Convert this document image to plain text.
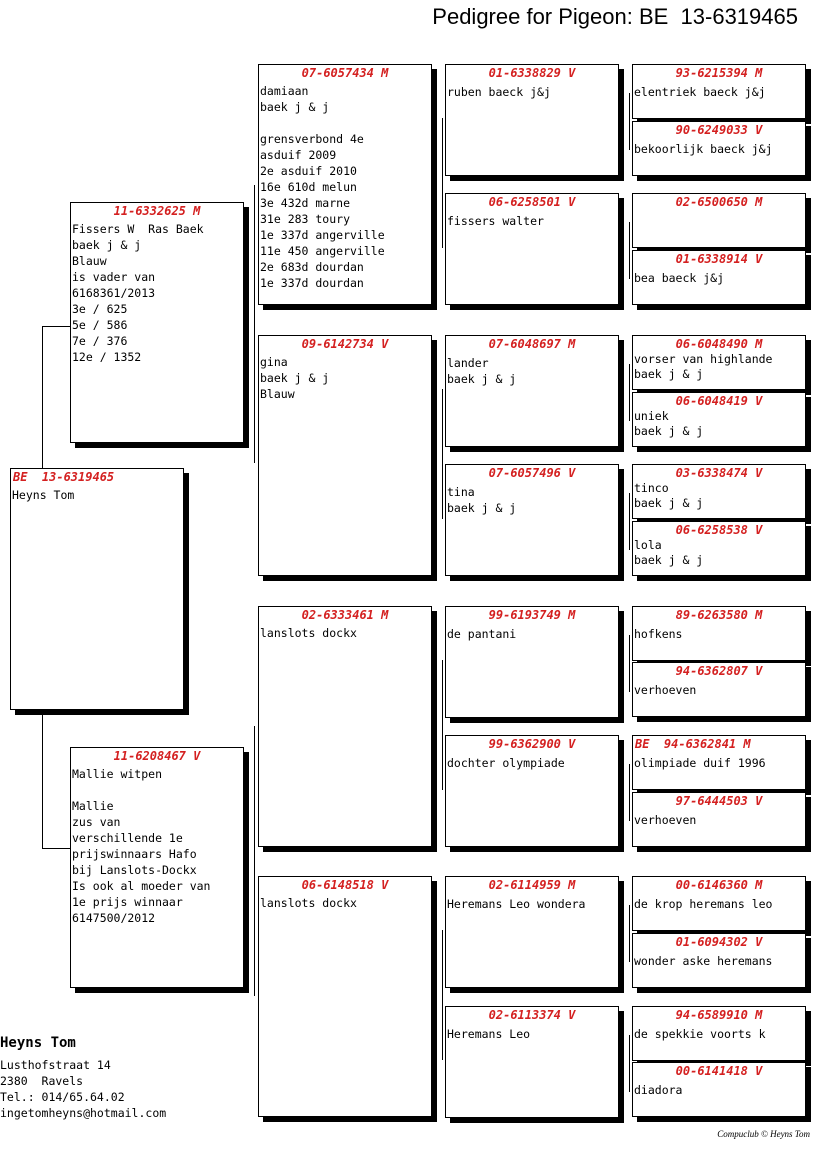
Pedigree for Pigeon: BE  13-6319465
BE  13-6319465
Heyns Tom
11-6332625 M
Fissers W  Ras Baek
baek j & j
Blauw
is vader van
6168361/2013
3e / 625
5e / 586
7e / 376
12e / 1352
11-6208467 V
Mallie witpen

Mallie
zus van
verschillende 1e
prijswinnaars Hafo
bij Lanslots-Dockx
Is ook al moeder van
1e prijs winnaar
6147500/2012
07-6057434 M
damiaan
baek j & j

grensverbond 4e
asduif 2009
2e asduif 2010
16e 610d melun
3e 432d marne
31e 283 toury
1e 337d angerville
11e 450 angerville
2e 683d dourdan
1e 337d dourdan
09-6142734 V
gina
baek j & j
Blauw
02-6333461 M
lanslots dockx
06-6148518 V
lanslots dockx
01-6338829 V
ruben baeck j&j
06-6258501 V
fissers walter
07-6048697 M
lander
baek j & j
07-6057496 V
tina
baek j & j
99-6193749 M
de pantani
99-6362900 V
dochter olympiade
02-6114959 M
Heremans Leo wondera
02-6113374 V
Heremans Leo
93-6215394 M
elentriek baeck j&j
90-6249033 V
bekoorlijk baeck j&j
02-6500650 M
01-6338914 V
bea baeck j&j
06-6048490 M
vorser van highlande
baek j & j
06-6048419 V
uniek
baek j & j
03-6338474 V
tinco
baek j & j
06-6258538 V
lola
baek j & j
89-6263580 M
hofkens
94-6362807 V
verhoeven
BE  94-6362841 M
olimpiade duif 1996
97-6444503 V
verhoeven
00-6146360 M
de krop heremans leo
01-6094302 V
wonder aske heremans
94-6589910 M
de spekkie voorts k
00-6141418 V
diadora
Heyns Tom
Lusthofstraat 14
2380  Ravels
Tel.: 014/65.64.02
ingetomheyns@hotmail.com
Compuclub © Heyns Tom
